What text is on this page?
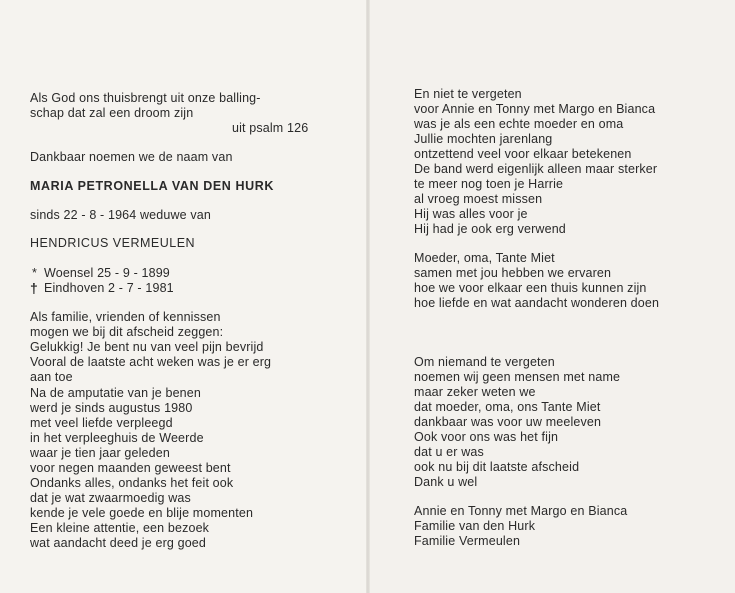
Als God ons thuisbrengt uit onze balling-
schap dat zal een droom zijn
uit psalm 126
Dankbaar noemen we de naam van
MARIA PETRONELLA VAN DEN HURK
sinds 22 - 8 - 1964 weduwe van
HENDRICUS VERMEULEN
* Woensel 25 - 9 - 1899
† Eindhoven 2 - 7 - 1981
Als familie, vrienden of kennissen
mogen we bij dit afscheid zeggen:
Gelukkig! Je bent nu van veel pijn bevrijd
Vooral de laatste acht weken was je er erg
aan toe
Na de amputatie van je benen
werd je sinds augustus 1980
met veel liefde verpleegd
in het verpleeghuis de Weerde
waar je tien jaar geleden
voor negen maanden geweest bent
Ondanks alles, ondanks het feit ook
dat je wat zwaarmoedig was
kende je vele goede en blije momenten
Een kleine attentie, een bezoek
wat aandacht deed je erg goed
En niet te vergeten
voor Annie en Tonny met Margo en Bianca
was je als een echte moeder en oma
Jullie mochten jarenlang
ontzettend veel voor elkaar betekenen
De band werd eigenlijk alleen maar sterker
te meer nog toen je Harrie
al vroeg moest missen
Hij was alles voor je
Hij had je ook erg verwend
Moeder, oma, Tante Miet
samen met jou hebben we ervaren
hoe we voor elkaar een thuis kunnen zijn
hoe liefde en wat aandacht wonderen doen
Om niemand te vergeten
noemen wij geen mensen met name
maar zeker weten we
dat moeder, oma, ons Tante Miet
dankbaar was voor uw meeleven
Ook voor ons was het fijn
dat u er was
ook nu bij dit laatste afscheid
Dank u wel
Annie en Tonny met Margo en Bianca
Familie van den Hurk
Familie Vermeulen
